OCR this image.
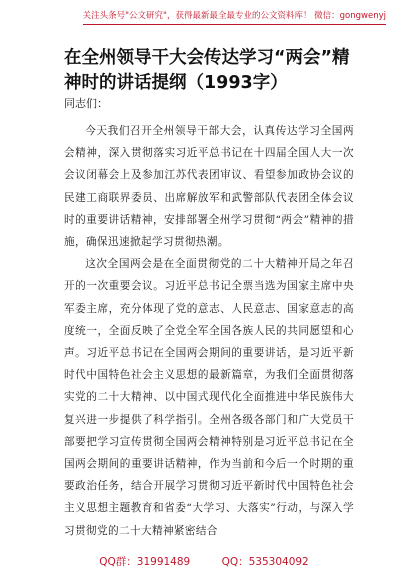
关注头条号"公文研究"，获得最新最全最专业的公文资料库！ 微信：gongwenyj
在全州领导干大会传达学习“两会”精神时的讲话提纲（1993字）
同志们：

今天我们召开全州领导干部大会，认真传达学习全国两会精神，深入贯彻落实习近平总书记在十四届全国人大一次会议闭幕会上及参加江苏代表团审议、看望参加政协会议的民建工商联界委员、出席解放军和武警部队代表团全体会议时的重要讲话精神，安排部署全州学习贯彻“两会”精神的措施，确保迅速掀起学习贯彻热潮。

这次全国两会是在全面贯彻党的二十大精神开局之年召开的一次重要会议。习近平总书记全票当选为国家主席中央军委主席，充分体现了党的意志、人民意志、国家意志的高度统一，全面反映了全党全军全国各族人民的共同愿望和心声。习近平总书记在全国两会期间的重要讲话，是习近平新时代中国特色社会主义思想的最新篇章，为我们全面贯彻落实党的二十大精神、以中国式现代化全面推进中华民族伟大复兴进一步提供了科学指引。全州各级各部门和广大党员干部要把学习宣传贯彻全国两会精神特别是习近平总书记在全国两会期间的重要讲话精神，作为当前和今后一个时期的重要政治任务，结合开展学习贯彻习近平新时代中国特色社会主义思想主题教育和省委“大学习、大落实”行动，与深入学习贯彻党的二十大精神紧密结合

QQ群：31991489	QQ：535304092
